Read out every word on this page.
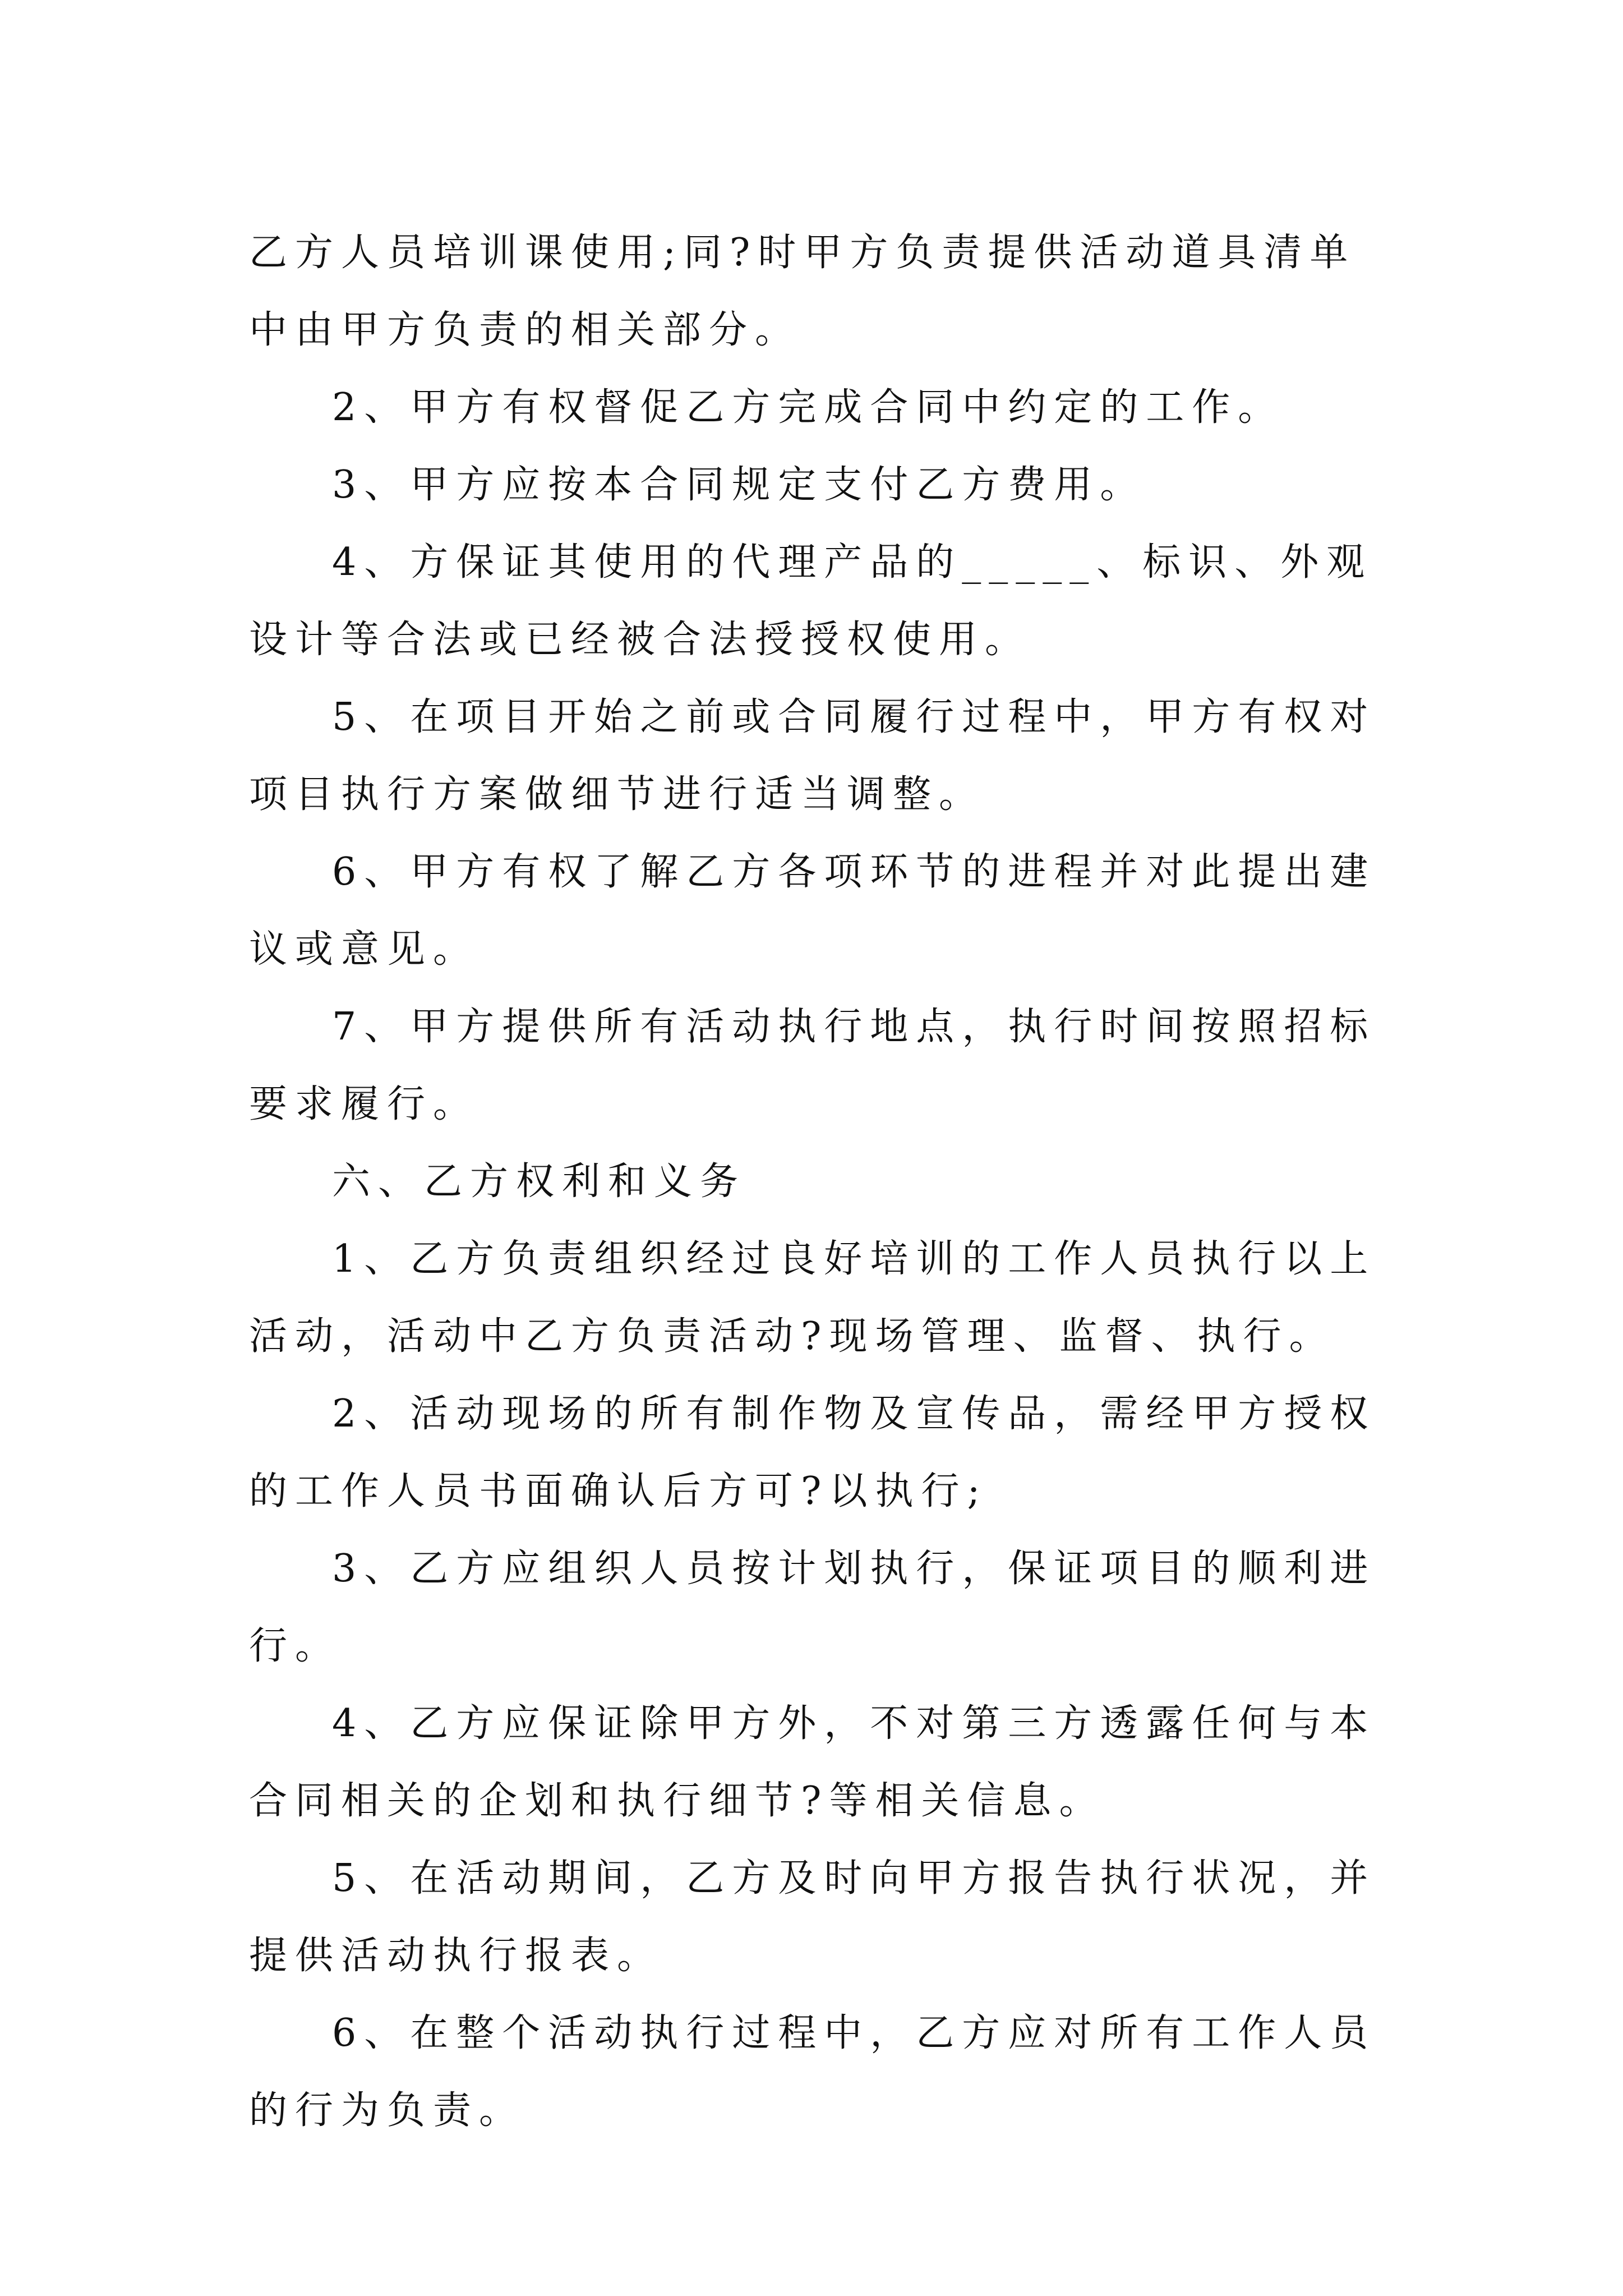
乙方人员培训课使用;同?时甲方负责提供活动道具清单中由甲方负责的相关部分。

2、甲方有权督促乙方完成合同中约定的工作。

3、甲方应按本合同规定支付乙方费用。

4、方保证其使用的代理产品的_____、标识、外观设计等合法或已经被合法授授权使用。

5、在项目开始之前或合同履行过程中，甲方有权对项目执行方案做细节进行适当调整。

6、甲方有权了解乙方各项环节的进程并对此提出建议或意见。

7、甲方提供所有活动执行地点，执行时间按照招标要求履行。

六、乙方权利和义务

1、乙方负责组织经过良好培训的工作人员执行以上活动，活动中乙方负责活动?现场管理、监督、执行。

2、活动现场的所有制作物及宣传品，需经甲方授权的工作人员书面确认后方可?以执行;

3、乙方应组织人员按计划执行，保证项目的顺利进行。

4、乙方应保证除甲方外，不对第三方透露任何与本合同相关的企划和执行细节?等相关信息。

5、在活动期间，乙方及时向甲方报告执行状况，并提供活动执行报表。

6、在整个活动执行过程中，乙方应对所有工作人员的行为负责。
